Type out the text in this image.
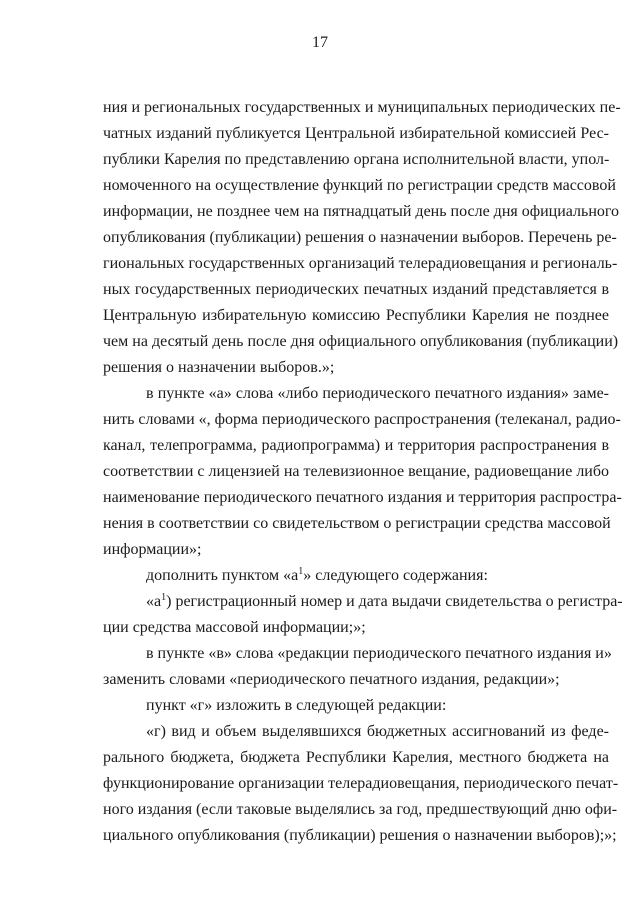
17
ния и региональных государственных и муниципальных периодических пе-
чатных изданий публикуется Центральной избирательной комиссией Рес-
публики Карелия по представлению органа исполнительной власти, упол-
номоченного на осуществление функций по регистрации средств массовой
информации, не позднее чем на пятнадцатый день после дня официального
опубликования (публикации) решения о назначении выборов. Перечень ре-
гиональных государственных организаций телерадиовещания и региональ-
ных государственных периодических печатных изданий представляется в
Центральную избирательную комиссию Республики Карелия не позднее
чем на десятый день после дня официального опубликования (публикации)
решения о назначении выборов.»;
в пункте «а» слова «либо периодического печатного издания» заме-
нить словами «, форма периодического распространения (телеканал, радио-
канал, телепрограмма, радиопрограмма) и территория распространения в
соответствии с лицензией на телевизионное вещание, радиовещание либо
наименование периодического печатного издания и территория распростра-
нения в соответствии со свидетельством о регистрации средства массовой
информации»;
дополнить пунктом «$а^1$» следующего содержания:
«$а^1$) регистрационный номер и дата выдачи свидетельства о регистра-
ции средства массовой информации;»;
в пункте «в» слова «редакции периодического печатного издания и»
заменить словами «периодического печатного издания, редакции»;
пункт «г» изложить в следующей редакции:
«г) вид и объем выделявшихся бюджетных ассигнований из феде-
рального бюджета, бюджета Республики Карелия, местного бюджета на
функционирование организации телерадиовещания, периодического печат-
ного издания (если таковые выделялись за год, предшествующий дню офи-
циального опубликования (публикации) решения о назначении выборов);»;
